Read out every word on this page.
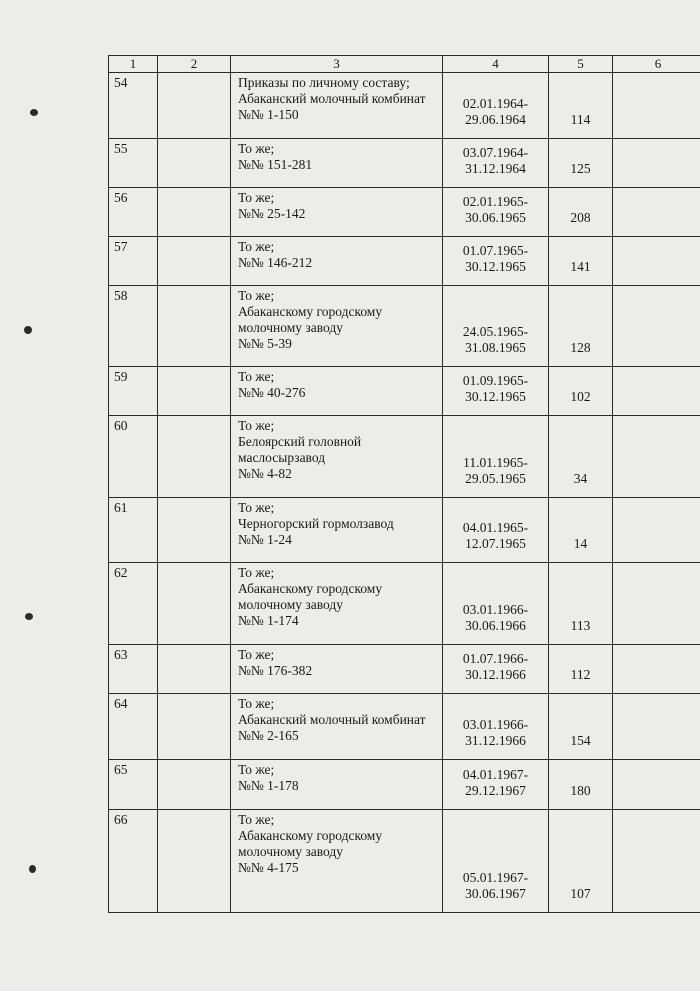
1	2	3	4	5	6
54		Приказы по личному составу;
Абаканский молочный комбинат
№№ 1-150	02.01.1964-
29.06.1964	114	
55		То же;
№№ 151-281	03.07.1964-
31.12.1964	125	
56		То же;
№№ 25-142	02.01.1965-
30.06.1965	208	
57		То же;
№№ 146-212	01.07.1965-
30.12.1965	141	
58		То же;
Абаканскому городскому
молочному заводу
№№ 5-39	24.05.1965-
31.08.1965	128	
59		То же;
№№ 40-276	01.09.1965-
30.12.1965	102	
60		То же;
Белоярский головной
маслосырзавод
№№ 4-82	11.01.1965-
29.05.1965	34	
61		То же;
Черногорский гормолзавод
№№ 1-24	04.01.1965-
12.07.1965	14	
62		То же;
Абаканскому городскому
молочному заводу
№№ 1-174	03.01.1966-
30.06.1966	113	
63		То же;
№№ 176-382	01.07.1966-
30.12.1966	112	
64		То же;
Абаканский молочный комбинат
№№ 2-165	03.01.1966-
31.12.1966	154	
65		То же;
№№ 1-178	04.01.1967-
29.12.1967	180	
66		То же;
Абаканскому городскому
молочному заводу
№№ 4-175	05.01.1967-
30.06.1967	107	
